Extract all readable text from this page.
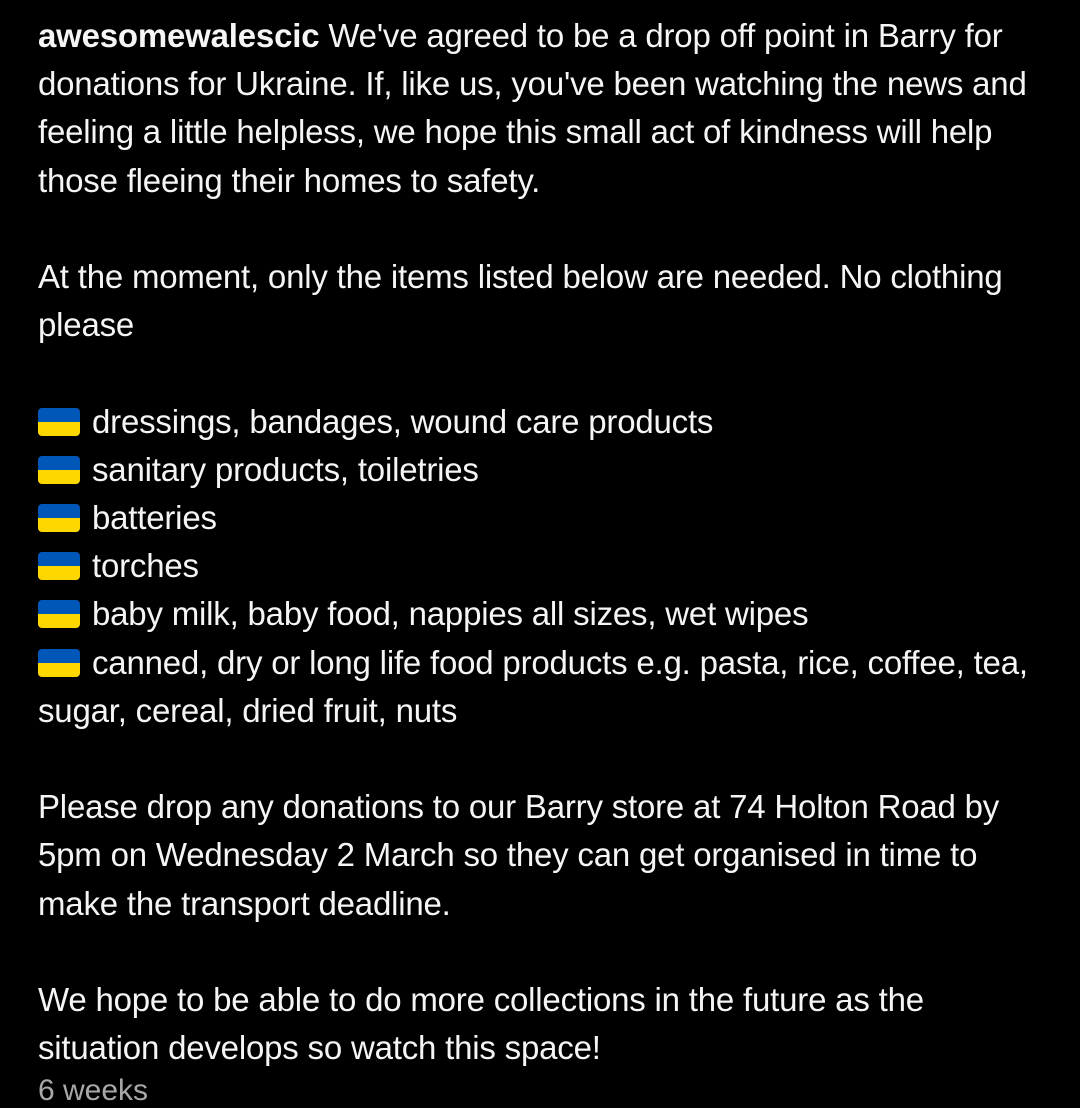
awesomewalescic We've agreed to be a drop off point in Barry for donations for Ukraine. If, like us, you've been watching the news and feeling a little helpless, we hope this small act of kindness will help those fleeing their homes to safety.

At the moment, only the items listed below are needed. No clothing please

dressings, bandages, wound care products

sanitary products, toiletries

batteries

torches

baby milk, baby food, nappies all sizes, wet wipes

canned, dry or long life food products e.g. pasta, rice, coffee, tea, sugar, cereal, dried fruit, nuts

Please drop any donations to our Barry store at 74 Holton Road by 5pm on Wednesday 2 March so they can get organised in time to make the transport deadline.

We hope to be able to do more collections in the future as the situation develops so watch this space!

6 weeks
